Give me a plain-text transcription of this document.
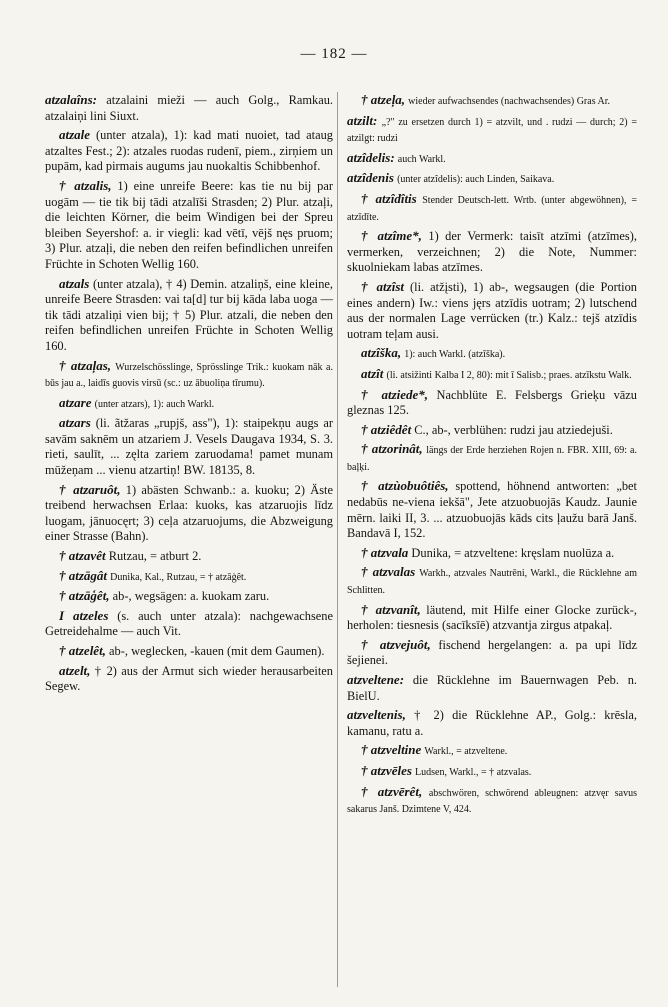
— 182 —

atzalaîns: atzalaini mieži — auch Golg., Ramkau. atzalaiņi lini Siuxt.

atzale (unter atzala), 1): kad mati nuoiet, tad ataug atzaltes Fest.; 2): atzales ruodas rudenī, piem., zirņiem un pupām, kad pirmais augums jau nuokaltis Schibbenhof.

† atzalis, 1) eine unreife Beere: kas tie nu bij par uogām — tie tik bij tādi atzalīši Strasden; 2) Plur. atzaļi, die leichten Körner, die beim Windigen bei der Spreu bleiben Seyershof: a. ir viegli: kad vētī, vējš nęs pruom; 3) Plur. atzaļi, die neben den reifen befindlichen unreifen Früchte in Schoten Wellig 160.

atzals (unter atzala), † 4) Demin. atzaliņš, eine kleine, unreife Beere Strasden: vai ta[d] tur bij kāda laba uoga — tik tādi atzaliņi vien bij; † 5) Plur. atzali, die neben den reifen befindlichen unreifen Früchte in Schoten Wellig 160.

† atzaļas, Wurzelschösslinge, Sprösslinge Trik.: kuokam nāk a. būs jau a., laidīs guovis virsū (sc.: uz ābuoliņa tīrumu).

atzare (unter atzars), 1): auch Warkl.

atzars (li. ãtžaras „rupjš, ass"), 1): staipekņu augs ar savām saknēm un atzariem J. Vesels Daugava 1934, S. 3. rieti, saulīt, ... zęlta zariem zaruodama! pamet munam mūžeņam ... vienu atzartiņ! BW. 18135, 8.

† atzaruôt, 1) abästen Schwanb.: a. kuoku; 2) Äste treibend herwachsen Erlaa: kuoks, kas atzaruojis līdz luogam, jānuocęrt; 3) ceļa atzaruojums, die Abzweigung einer Strasse (Bahn).

† atzavêt Rutzau, = atburt 2.

† atzāgât Dunika, Kal., Rutzau, = † atzāģêt.

† atzāģêt, ab-, wegsägen: a. kuokam zaru.

I atzeles (s. auch unter atzala): nachgewachsene Getreidehalme — auch Vit.

† atzelêt, ab-, weglecken, -kauen (mit dem Gaumen).

atzelt, † 2) aus der Armut sich wieder herausarbeiten Segew.

† atzeļa, wieder aufwachsendes (nachwachsendes) Gras Ar.

atzilt: „?" zu ersetzen durch 1) = atzvilt, und . rudzi — durch; 2) = atzilgt: rudzi

atzîdelis: auch Warkl.

atzîdenis (unter atzîdelis): auch Linden, Saikava.

† atzîdîtis Stender Deutsch-lett. Wrtb. (unter abgewöhnen), = atzīdīte.

† atzîme*, 1) der Vermerk: taisīt atzīmi (atzīmes), vermerken, verzeichnen; 2) die Note, Nummer: skuolniekam labas atzīmes.

† atzîst (li. atžįsti), 1) ab-, wegsaugen (die Portion eines andern) Iw.: viens jęrs atzīdis uotram; 2) lutschend aus der normalen Lage verrücken (tr.) Kalz.: tejš atzīdis uotram teļam ausi.

atzîška, 1): auch Warkl. (atzīška).

atzît (li. atsižinti Kalba I 2, 80): mit ī Salisb.; praes. atzīkstu Walk.

† atziede*, Nachblüte E. Felsbergs Grieķu vāzu gleznas 125.

† atziêdêt C., ab-, verblühen: rudzi jau atziedejuši.

† atzorinât, längs der Erde herziehen Rojen n. FBR. XIII, 69: a. baļķi.

† atzùobuôtiês, spottend, höhnend antworten: „bet nedabūs ne-viena iekšā", Jete atzuobuojās Kaudz. Jaunie mērn. laiki II, 3. ... atzuobuojās kāds cits ļaužu barā Janš. Bandavā I, 152.

† atzvala Dunika, = atzveltene: kręslam nuolūza a.

† atzvalas Warkh., atzvales Nautrēni, Warkl., die Rücklehne am Schlitten.

† atzvanît, läutend, mit Hilfe einer Glocke zurück-, herholen: tiesnesis (sacīksīē) atzvantja zirgus atpakaļ.

† atzvejuôt, fischend hergelangen: a. pa upi līdz šejienei.

atzveltene: die Rücklehne im Bauernwagen Peb. n. BielU.

atzveltenis, † 2) die Rücklehne AP., Golg.: krēsla, kamanu, ratu a.

† atzveltine Warkl., = atzveltene.

† atzvēles Ludsen, Warkl., = † atzvalas.

† atzvērêt, abschwören, schwörend ableugnen: atzvęr savus sakarus Janš. Dzimtene V, 424.
